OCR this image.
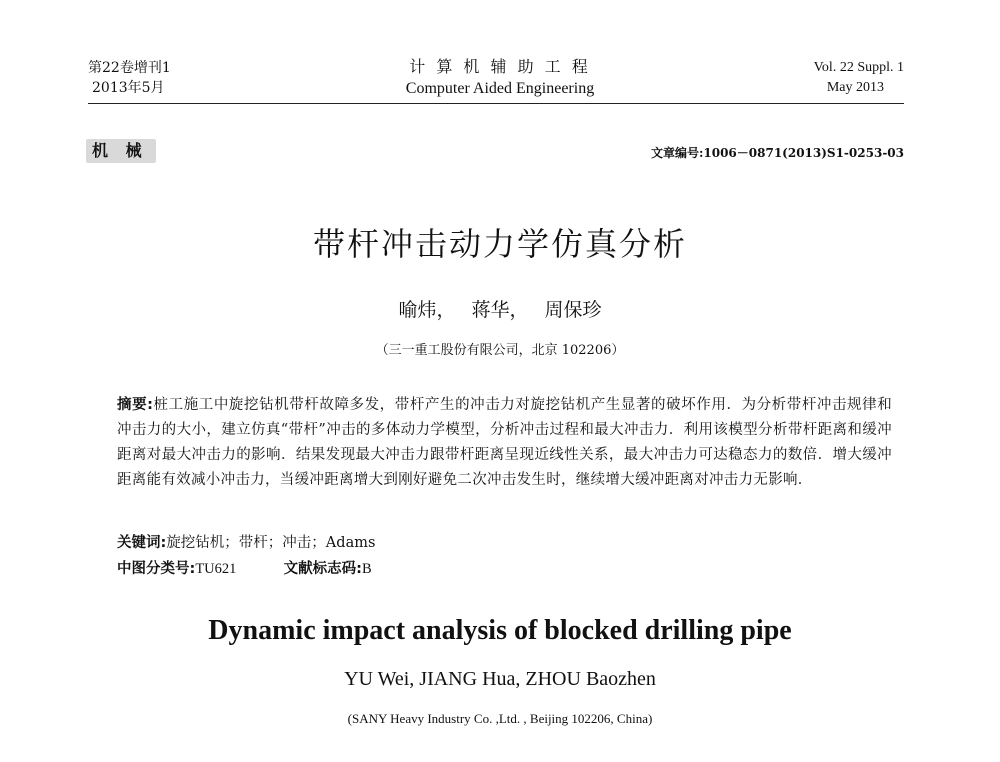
第22卷增刊1
2013年5月
计 算 机 辅 助 工 程
Computer Aided Engineering
Vol. 22 Suppl. 1
May 2013
机 械	文章编号:1006－0871(2013)S1-0253-03
带杆冲击动力学仿真分析
喻炜， 蒋华， 周保珍
（三一重工股份有限公司，北京 102206）
摘要:桩工施工中旋挖钻机带杆故障多发，带杆产生的冲击力对旋挖钻机产生显著的破坏作用．为分析带杆冲击规律和冲击力的大小，建立仿真“带杆”冲击的多体动力学模型，分析冲击过程和最大冲击力．利用该模型分析带杆距离和缓冲距离对最大冲击力的影响．结果发现最大冲击力跟带杆距离呈现近线性关系，最大冲击力可达稳态力的数倍．增大缓冲距离能有效减小冲击力，当缓冲距离增大到刚好避免二次冲击发生时，继续增大缓冲距离对冲击力无影响．
关键词:旋挖钻机；带杆；冲击；Adams
中图分类号:TU621	文献标志码:B
Dynamic impact analysis of blocked drilling pipe
YU Wei, JIANG Hua, ZHOU Baozhen
(SANY Heavy Industry Co. ,Ltd. , Beijing 102206, China)
